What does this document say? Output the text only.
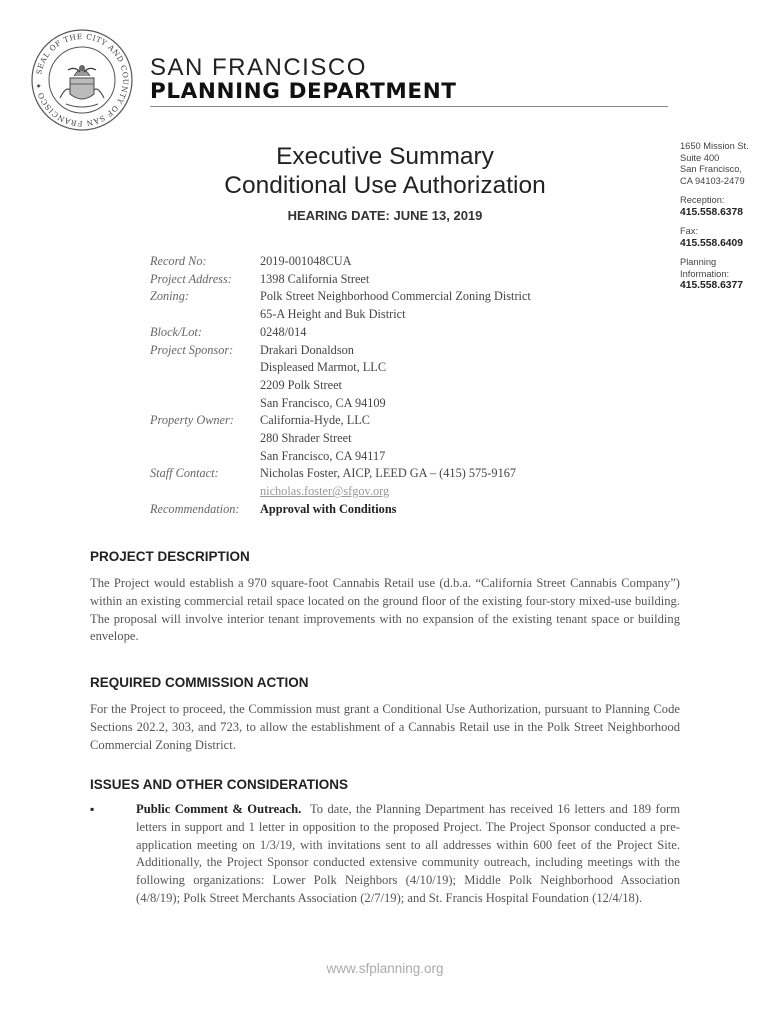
SEAL OF THE CITY AND COUNTY OF SAN FRANCISCO ✦
SAN FRANCISCO
PLANNING DEPARTMENT
1650 Mission St.
Suite 400
San Francisco,
CA 94103-2479
Reception:
415.558.6378
Fax:
415.558.6409
Planning
Information:
415.558.6377
Executive Summary
Conditional Use Authorization
HEARING DATE: JUNE 13, 2019
Record No:	2019-001048CUA
Project Address:	1398 California Street
Zoning:	Polk Street Neighborhood Commercial Zoning District
65-A Height and Buk District
Block/Lot:	0248/014
Project Sponsor:	Drakari Donaldson
Displeased Marmot, LLC
2209 Polk Street
San Francisco, CA 94109
Property Owner:	California-Hyde, LLC
280 Shrader Street
San Francisco, CA 94117
Staff Contact:	Nicholas Foster, AICP, LEED GA – (415) 575-9167
nicholas.foster@sfgov.org
Recommendation:	Approval with Conditions
PROJECT DESCRIPTION
The Project would establish a 970 square-foot Cannabis Retail use (d.b.a. “California Street Cannabis Company”) within an existing commercial retail space located on the ground floor of the existing four-story mixed-use building. The proposal will involve interior tenant improvements with no expansion of the existing tenant space or building envelope.
REQUIRED COMMISSION ACTION
For the Project to proceed, the Commission must grant a Conditional Use Authorization, pursuant to Planning Code Sections 202.2, 303, and 723, to allow the establishment of a Cannabis Retail use in the Polk Street Neighborhood Commercial Zoning District.
ISSUES AND OTHER CONSIDERATIONS
▪	Public Comment & Outreach. To date, the Planning Department has received 16 letters and 189 form letters in support and 1 letter in opposition to the proposed Project. The Project Sponsor conducted a pre-application meeting on 1/3/19, with invitations sent to all addresses within 600 feet of the Project Site. Additionally, the Project Sponsor conducted extensive community outreach, including meetings with the following organizations: Lower Polk Neighbors (4/10/19); Middle Polk Neighborhood Association (4/8/19); Polk Street Merchants Association (2/7/19); and St. Francis Hospital Foundation (12/4/18).
www.sfplanning.org
